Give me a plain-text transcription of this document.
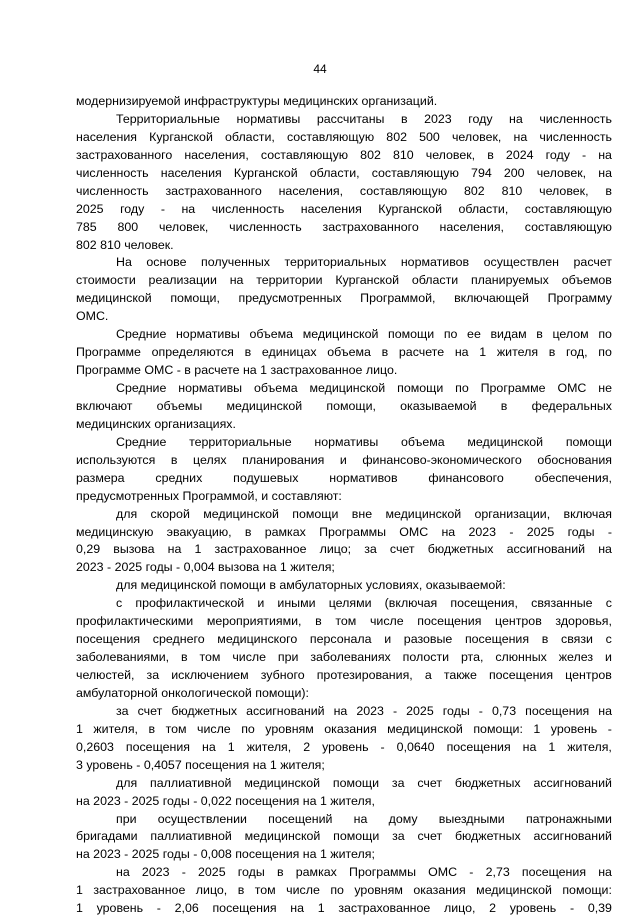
44
модернизируемой инфраструктуры медицинских организаций.
Территориальные нормативы рассчитаны в 2023 году на численность
населения Курганской области, составляющую 802 500 человек, на численность
застрахованного населения, составляющую 802 810 человек, в 2024 году - на
численность населения Курганской области, составляющую 794 200 человек, на
численность застрахованного населения, составляющую 802 810 человек, в
2025 году - на численность населения Курганской области, составляющую
785 800 человек, численность застрахованного населения, составляющую
802 810 человек.
На основе полученных территориальных нормативов осуществлен расчет
стоимости реализации на территории Курганской области планируемых объемов
медицинской помощи, предусмотренных Программой, включающей Программу
ОМС.
Средние нормативы объема медицинской помощи по ее видам в целом по
Программе определяются в единицах объема в расчете на 1 жителя в год, по
Программе ОМС - в расчете на 1 застрахованное лицо.
Средние нормативы объема медицинской помощи по Программе ОМС не
включают объемы медицинской помощи, оказываемой в федеральных
медицинских организациях.
Средние территориальные нормативы объема медицинской помощи
используются в целях планирования и финансово-экономического обоснования
размера средних подушевых нормативов финансового обеспечения,
предусмотренных Программой, и составляют:
для скорой медицинской помощи вне медицинской организации, включая
медицинскую эвакуацию, в рамках Программы ОМС на 2023 - 2025 годы -
0,29 вызова на 1 застрахованное лицо; за счет бюджетных ассигнований на
2023 - 2025 годы - 0,004 вызова на 1 жителя;
для медицинской помощи в амбулаторных условиях, оказываемой:
с профилактической и иными целями (включая посещения, связанные с
профилактическими мероприятиями, в том числе посещения центров здоровья,
посещения среднего медицинского персонала и разовые посещения в связи с
заболеваниями, в том числе при заболеваниях полости рта, слюнных желез и
челюстей, за исключением зубного протезирования, а также посещения центров
амбулаторной онкологической помощи):
за счет бюджетных ассигнований на 2023 - 2025 годы - 0,73 посещения на
1 жителя, в том числе по уровням оказания медицинской помощи: 1 уровень -
0,2603 посещения на 1 жителя, 2 уровень - 0,0640 посещения на 1 жителя,
3 уровень - 0,4057 посещения на 1 жителя;
для паллиативной медицинской помощи за счет бюджетных ассигнований
на 2023 - 2025 годы - 0,022 посещения на 1 жителя,
при осуществлении посещений на дому выездными патронажными
бригадами паллиативной медицинской помощи за счет бюджетных ассигнований
на 2023 - 2025 годы - 0,008 посещения на 1 жителя;
на 2023 - 2025 годы в рамках Программы ОМС - 2,73 посещения на
1 застрахованное лицо, в том числе по уровням оказания медицинской помощи:
1 уровень - 2,06 посещения на 1 застрахованное лицо, 2 уровень - 0,39
